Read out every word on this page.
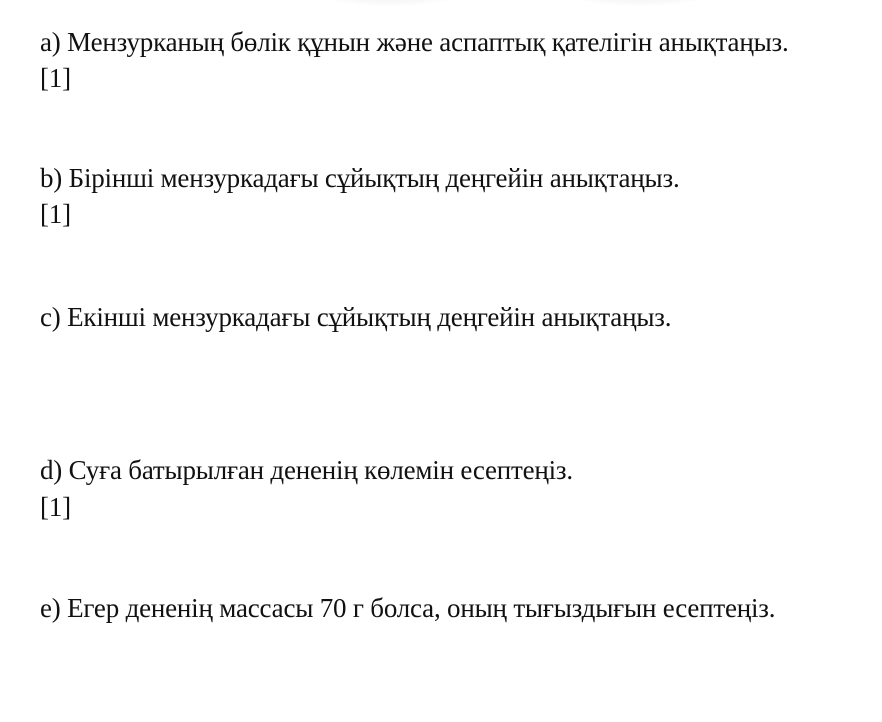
a) Мензурканың бөлік құнын және аспаптық қателігін анықтаңыз.
[1]
b) Бірінші мензуркадағы сұйықтың деңгейін анықтаңыз.
[1]
c) Екінші мензуркадағы сұйықтың деңгейін анықтаңыз.
d) Суға батырылған дененің көлемін есептеңіз.
[1]
e) Егер дененің массасы 70 г болса, оның тығыздығын есептеңіз.
